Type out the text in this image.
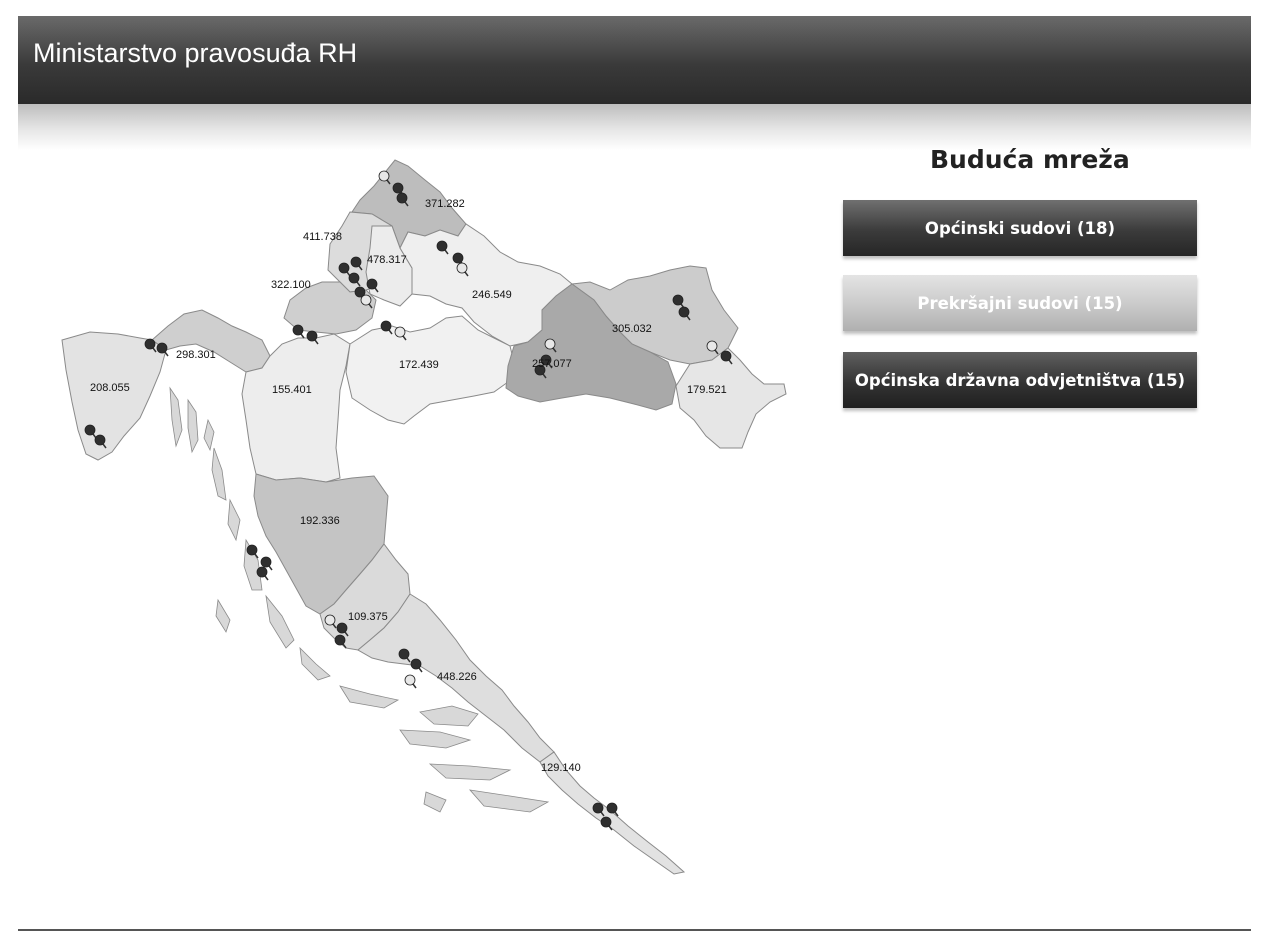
Ministarstvo pravosuđa RH
371.282
411.738
478.317
322.100
246.549
305.032
298.301
208.055	155.401
172.439	257.077
179.521
192.336
109.375
448.226
129.140
Buduća mreža
Općinski sudovi (18)
Prekršajni sudovi (15)
Općinska državna odvjetništva (15)
